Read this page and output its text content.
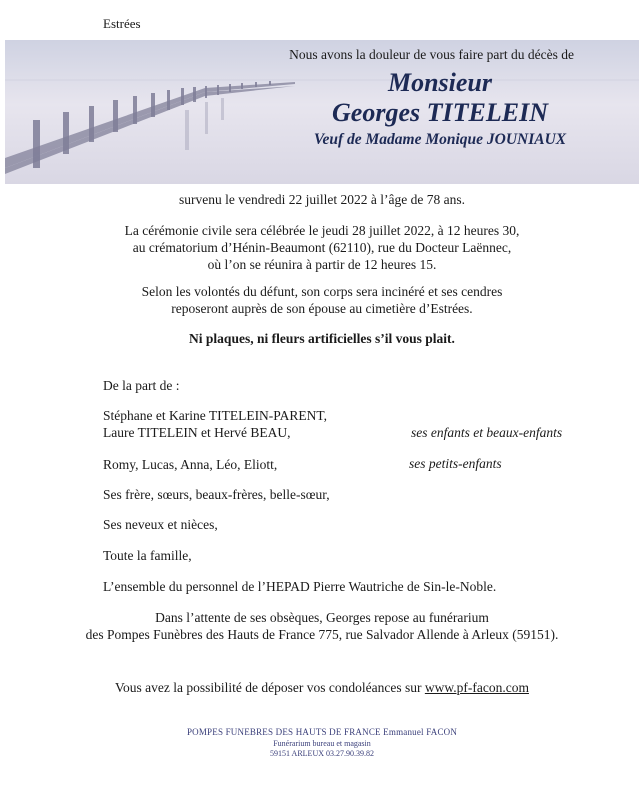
Estrées
Nous avons la douleur de vous faire part du décès de
Monsieur
Georges TITELEIN
Veuf de Madame Monique JOUNIAUX
survenu le vendredi 22 juillet 2022 à l’âge de 78 ans.
La cérémonie civile sera célébrée le jeudi 28 juillet 2022, à 12 heures 30,
au crématorium d’Hénin-Beaumont (62110), rue du Docteur Laënnec,
où l’on se réunira à partir de 12 heures 15.
Selon les volontés du défunt, son corps sera incinéré et ses cendres
reposeront auprès de son épouse au cimetière d’Estrées.
Ni plaques, ni fleurs artificielles s’il vous plait.
De la part de :
Stéphane et Karine TITELEIN-PARENT,
Laure TITELEIN et Hervé BEAU,	ses enfants et beaux-enfants
Romy, Lucas, Anna, Léo, Eliott,	ses petits-enfants
Ses frère, sœurs, beaux-frères, belle-sœur,
Ses neveux et nièces,
Toute la famille,
L’ensemble du personnel de l’HEPAD Pierre Wautriche de Sin-le-Noble.
Dans l’attente de ses obsèques, Georges repose au funérarium
des Pompes Funèbres des Hauts de France 775, rue Salvador Allende à Arleux (59151).
Vous avez la possibilité de déposer vos condoléances sur www.pf-facon.com
POMPES FUNEBRES DES HAUTS DE FRANCE Emmanuel FACON
Funérarium bureau et magasin
59151 ARLEUX 03.27.90.39.82
